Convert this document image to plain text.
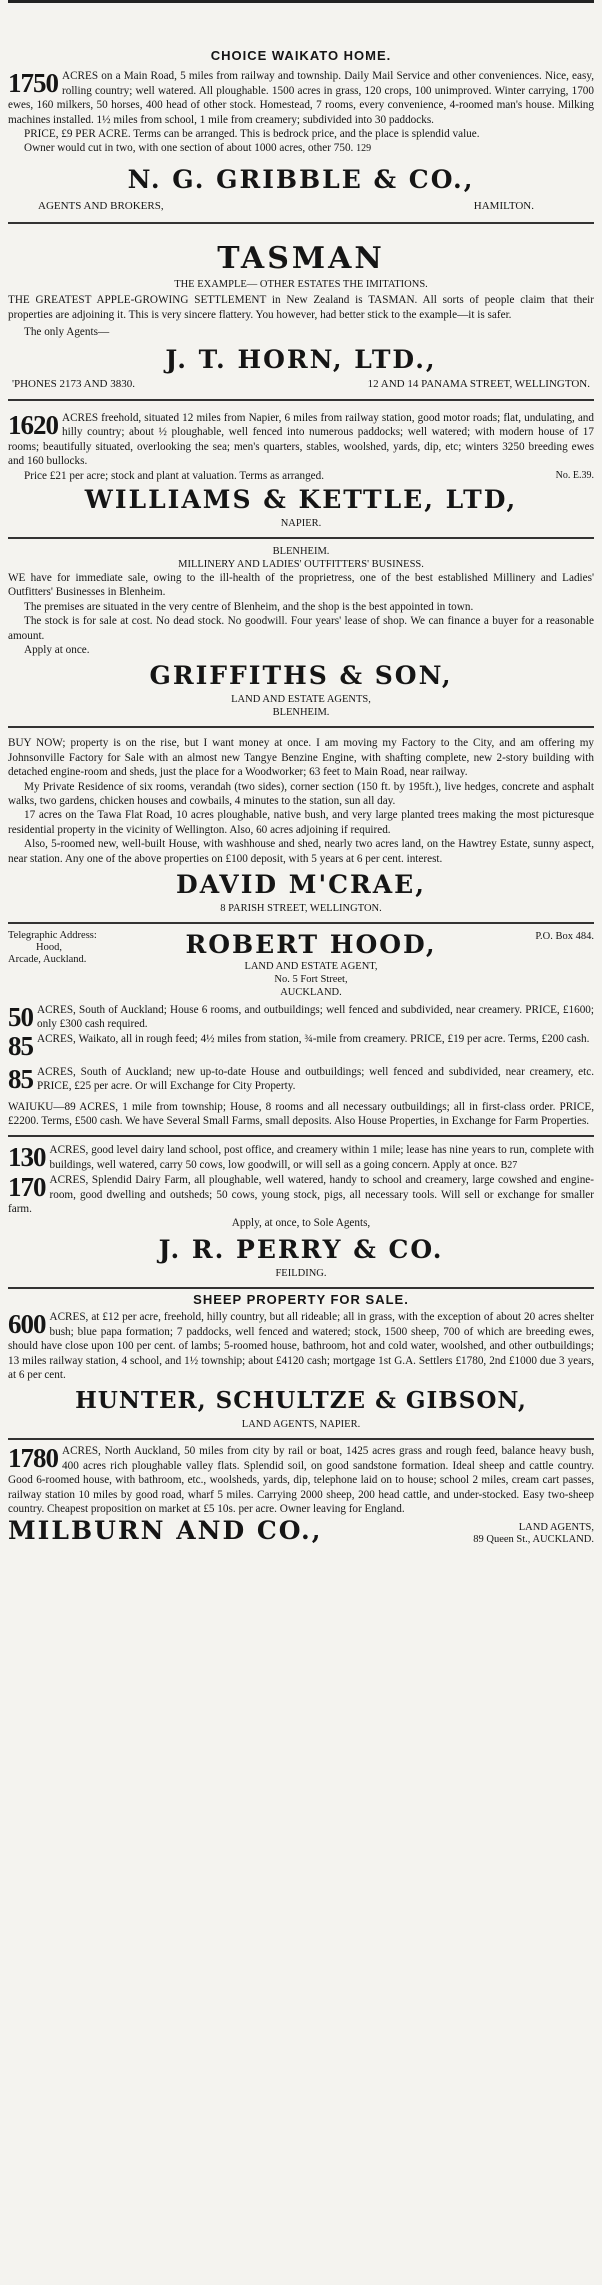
CHOICE WAIKATO HOME.

1750 ACRES on a Main Road, 5 miles from railway and township. Daily Mail Service and other conveniences. Nice, easy, rolling country; well watered. All ploughable. 1500 acres in grass, 120 crops, 100 unimproved. Winter carrying, 1700 ewes, 160 milkers, 50 horses, 400 head of other stock. Homestead, 7 rooms, every convenience, 4-roomed man's house. Milking machines installed. 1½ miles from school, 1 mile from creamery; subdivided into 30 paddocks.

PRICE, £9 PER ACRE. Terms can be arranged. This is bedrock price, and the place is splendid value.

Owner would cut in two, with one section of about 1000 acres, other 750. 129

N. G. GRIBBLE & CO.,
AGENTS AND BROKERS,	HAMILTON.
TASMAN
THE EXAMPLE— OTHER ESTATES THE IMITATIONS.

THE GREATEST APPLE-GROWING SETTLEMENT in New Zealand is TASMAN. All sorts of people claim that their properties are adjoining it. This is very sincere flattery. You however, had better stick to the example—it is safer.

The only Agents—

J. T. HORN, LTD.,
'PHONES 2173 AND 3830.	12 AND 14 PANAMA STREET, WELLINGTON.

1620 ACRES freehold, situated 12 miles from Napier, 6 miles from railway station, good motor roads; flat, undulating, and hilly country; about ½ ploughable, well fenced into numerous paddocks; well watered; with modern house of 17 rooms; beautifully situated, overlooking the sea; men's quarters, stables, woolshed, yards, dip, etc; winters 3250 breeding ewes and 160 bullocks.

Price £21 per acre; stock and plant at valuation. Terms as arranged.	No. E.39.
WILLIAMS & KETTLE, LTD,
NAPIER.
BLENHEIM.
MILLINERY AND LADIES' OUTFITTERS' BUSINESS.

WE have for immediate sale, owing to the ill-health of the proprietress, one of the best established Millinery and Ladies' Outfitters' Businesses in Blenheim.

The premises are situated in the very centre of Blenheim, and the shop is the best appointed in town.

The stock is for sale at cost. No dead stock. No goodwill. Four years' lease of shop. We can finance a buyer for a reasonable amount.

Apply at once.

GRIFFITHS & SON,
LAND AND ESTATE AGENTS,
BLENHEIM.

BUY NOW; property is on the rise, but I want money at once. I am moving my Factory to the City, and am offering my Johnsonville Factory for Sale with an almost new Tangye Benzine Engine, with shafting complete, new 2-story building with detached engine-room and sheds, just the place for a Woodworker; 63 feet to Main Road, near railway.

My Private Residence of six rooms, verandah (two sides), corner section (150 ft. by 195ft.), live hedges, concrete and asphalt walks, two gardens, chicken houses and cowbails, 4 minutes to the station, sun all day.

17 acres on the Tawa Flat Road, 10 acres ploughable, native bush, and very large planted trees making the most picturesque residential property in the vicinity of Wellington. Also, 60 acres adjoining if required.

Also, 5-roomed new, well-built House, with washhouse and shed, nearly two acres land, on the Hawtrey Estate, sunny aspect, near station. Any one of the above properties on £100 deposit, with 5 years at 6 per cent. interest.

DAVID M'CRAE,
8 PARISH STREET, WELLINGTON.
Telegraphic Address:
Hood,
Arcade, Auckland.
ROBERT HOOD,
LAND AND ESTATE AGENT,
No. 5 Fort Street,
AUCKLAND.
P.O. Box 484.

50 ACRES, South of Auckland; House 6 rooms, and outbuildings; well fenced and subdivided, near creamery. PRICE, £1600; only £300 cash required.

85 ACRES, Waikato, all in rough feed; 4½ miles from station, ¾-mile from creamery. PRICE, £19 per acre. Terms, £200 cash.

85 ACRES, South of Auckland; new up-to-date House and outbuildings; well fenced and subdivided, near creamery, etc. PRICE, £25 per acre. Or will Exchange for City Property.

WAIUKU—89 ACRES, 1 mile from township; House, 8 rooms and all necessary outbuildings; all in first-class order. PRICE, £2200. Terms, £500 cash. We have Several Small Farms, small deposits. Also House Properties, in Exchange for Farm Properties.

130 ACRES, good level dairy land school, post office, and creamery within 1 mile; lease has nine years to run, complete with buildings, well watered, carry 50 cows, low goodwill, or will sell as a going concern. Apply at once. B27

170 ACRES, Splendid Dairy Farm, all ploughable, well watered, handy to school and creamery, large cowshed and engine-room, good dwelling and outsheds; 50 cows, young stock, pigs, all necessary tools. Will sell or exchange for smaller farm.

Apply, at once, to Sole Agents,

J. R. PERRY & CO.
FEILDING.
SHEEP PROPERTY FOR SALE.

600 ACRES, at £12 per acre, freehold, hilly country, but all rideable; all in grass, with the exception of about 20 acres shelter bush; blue papa formation; 7 paddocks, well fenced and watered; stock, 1500 sheep, 700 of which are breeding ewes, should have close upon 100 per cent. of lambs; 5-roomed house, bathroom, hot and cold water, woolshed, and other outbuildings; 13 miles railway station, 4 school, and 1½ township; about £4120 cash; mortgage 1st G.A. Settlers £1780, 2nd £1000 due 3 years, at 6 per cent.

HUNTER, SCHULTZE & GIBSON,
LAND AGENTS, NAPIER.

1780 ACRES, North Auckland, 50 miles from city by rail or boat, 1425 acres grass and rough feed, balance heavy bush, 400 acres rich ploughable valley flats. Splendid soil, on good sandstone formation. Ideal sheep and cattle country. Good 6-roomed house, with bathroom, etc., woolsheds, yards, dip, telephone laid on to house; school 2 miles, cream cart passes, railway station 10 miles by good road, wharf 5 miles. Carrying 2000 sheep, 200 head cattle, and under-stocked. Easy two-sheep country. Cheapest proposition on market at £5 10s. per acre. Owner leaving for England.

MILBURN AND CO.,	LAND AGENTS,
89 Queen St., AUCKLAND.
